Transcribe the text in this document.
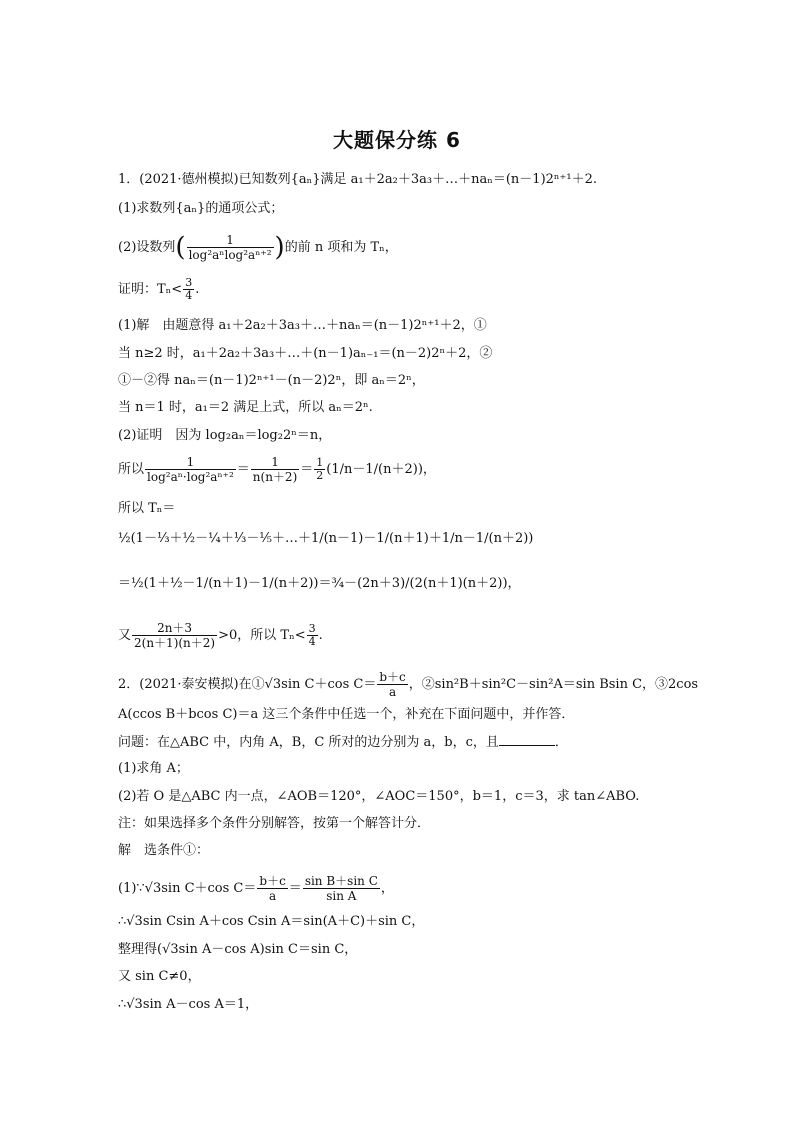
大题保分练 6
1．(2021·德州模拟)已知数列{aₙ}满足 a₁＋2a₂＋3a₃＋…＋naₙ＝(n－1)2ⁿ⁺¹＋2.
(1)求数列{aₙ}的通项公式；
(2)设数列( $\frac{1}{\text{log²aⁿlog²aⁿ⁺²}}$ )的前 n 项和为 Tₙ，
证明：$T_n< \frac{3}{4}$ .
(1)解　由题意得 a₁＋2a₂＋3a₃＋…＋naₙ＝(n－1)2ⁿ⁺¹＋2，①
当 n≥2 时，a₁＋2a₂＋3a₃＋…＋(n－1)aₙ₋₁＝(n－2)2ⁿ＋2，②
①－②得 naₙ＝(n－1)2ⁿ⁺¹－(n－2)2ⁿ，即 aₙ＝2ⁿ，
当 n＝1 时，a₁＝2 满足上式，所以 aₙ＝2ⁿ.
(2)证明　因为 log₂aₙ＝log₂2ⁿ＝n，
所以 $\frac{1}{\text{log²aⁿ·log²aⁿ⁺²}} = \frac{1}{n(n+2)} = \frac{1}{2} (1/n-1/(n+2))$，
所以 Tₙ＝
½(1－⅓＋½－¼＋⅓－⅕＋…＋1/(n－1)－1/(n＋1)＋1/n－1/(n＋2))
＝½(1＋½－1/(n＋1)－1/(n＋2))＝¾－(2n＋3)/(2(n＋1)(n＋2))，
又 $\frac{2n+3}{2(n+1)(n+2)} >0$，所以 $T_n< \frac{3}{4}$ .
2．(2021·泰安模拟)在①√3sin C＋cos $C= \frac{b+c}{a}$ ，②sin²B＋sin²C－sin²A＝sin Bsin C，③2cos
A(ccos B＋bcos C)＝a 这三个条件中任选一个，补充在下面问题中，并作答．
问题：在△ABC 中，内角 A，B，C 所对的边分别为 a，b，c，且	．
(1)求角 A；
(2)若 O 是△ABC 内一点，∠AOB＝120°，∠AOC＝150°，b＝1，c＝3，求 tan∠ABO.
注：如果选择多个条件分别解答，按第一个解答计分．
解　选条件①：
(1)∵√3sin C＋cos $C= \frac{b+c}{a} = \frac{\text{sin B＋sin C}}{\text{sin A}}$ ，
∴√3sin Csin A＋cos Csin A＝sin(A＋C)＋sin C，
整理得(√3sin A－cos A)sin C＝sin C，
又 sin C≠0，
∴√3sin A－cos A＝1，
